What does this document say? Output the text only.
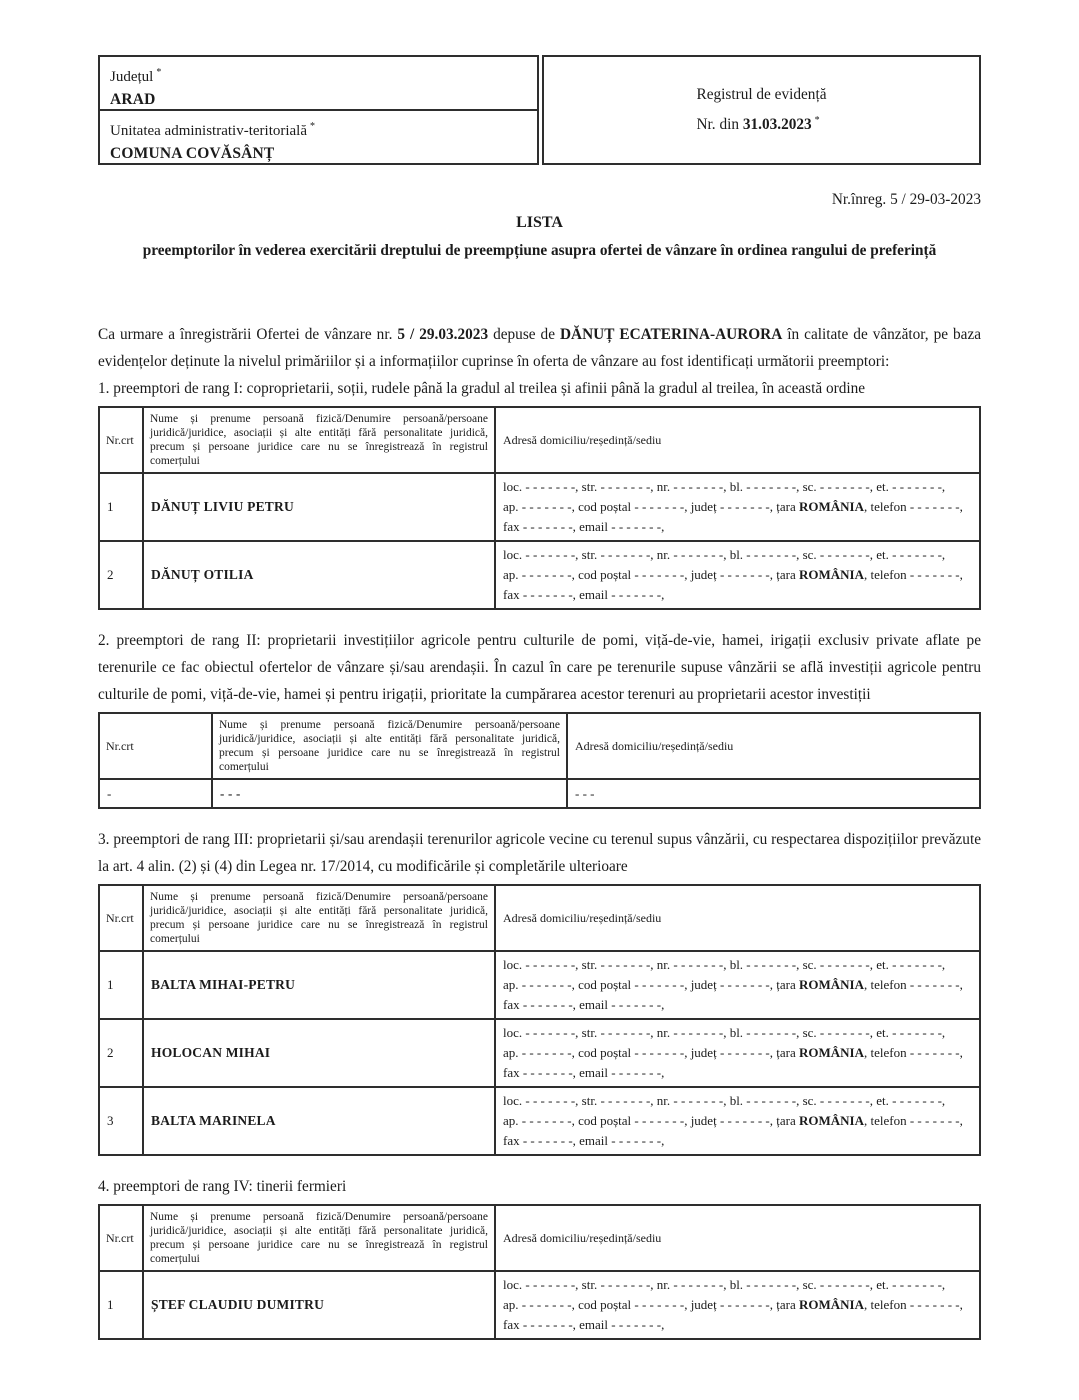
Județul *
ARAD
Unitatea administrativ-teritorială *
COMUNA COVĂSÂNȚ
Registrul de evidență
Nr. din 31.03.2023 *
Nr.înreg. 5 / 29-03-2023
LISTA
preemptorilor în vederea exercitării dreptului de preempțiune asupra ofertei de vânzare în ordinea rangului de preferință

Ca urmare a înregistrării Ofertei de vânzare nr. 5 / 29.03.2023 depuse de DĂNUȚ ECATERINA-AURORA în calitate de vânzător, pe baza evidențelor deținute la nivelul primăriilor și a informațiilor cuprinse în oferta de vânzare au fost identificați următorii preemptori:

1. preemptori de rang I: coproprietarii, soții, rudele până la gradul al treilea și afinii până la gradul al treilea, în această ordine

Nr.crt	Nume și prenume persoană fizică/Denumire persoană/persoane juridică/juridice, asociații și alte entități fără personalitate juridică, precum și persoane juridice care nu se înregistrează în registrul comerțului	Adresă domiciliu/reședință/sediu
1	DĂNUȚ LIVIU PETRU	loc. - - - - - - -, str. - - - - - - -, nr. - - - - - - -, bl. - - - - - - -, sc. - - - - - - -, et. - - - - - - -,
ap. - - - - - - -, cod poștal - - - - - - -, județ - - - - - - -, țara ROMÂNIA, telefon - - - - - - -,
fax - - - - - - -, email - - - - - - -,

2	DĂNUȚ OTILIA	loc. - - - - - - -, str. - - - - - - -, nr. - - - - - - -, bl. - - - - - - -, sc. - - - - - - -, et. - - - - - - -,
ap. - - - - - - -, cod poștal - - - - - - -, județ - - - - - - -, țara ROMÂNIA, telefon - - - - - - -,
fax - - - - - - -, email - - - - - - -,

2. preemptori de rang II: proprietarii investițiilor agricole pentru culturile de pomi, viță-de-vie, hamei, irigații exclusiv private aflate pe terenurile ce fac obiectul ofertelor de vânzare și/sau arendașii. În cazul în care pe terenurile supuse vânzării se află investiții agricole pentru culturile de pomi, viță-de-vie, hamei și pentru irigații, prioritate la cumpărarea acestor terenuri au proprietarii acestor investiții

Nr.crt	Nume și prenume persoană fizică/Denumire persoană/persoane juridică/juridice, asociații și alte entități fără personalitate juridică, precum și persoane juridice care nu se înregistrează în registrul comerțului	Adresă domiciliu/reședință/sediu
-	- - -	- - -

3. preemptori de rang III: proprietarii și/sau arendașii terenurilor agricole vecine cu terenul supus vânzării, cu respectarea dispozițiilor prevăzute la art. 4 alin. (2) și (4) din Legea nr. 17/2014, cu modificările și completările ulterioare

Nr.crt	Nume și prenume persoană fizică/Denumire persoană/persoane juridică/juridice, asociații și alte entități fără personalitate juridică, precum și persoane juridice care nu se înregistrează în registrul comerțului	Adresă domiciliu/reședință/sediu
1	BALTA MIHAI-PETRU	loc. - - - - - - -, str. - - - - - - -, nr. - - - - - - -, bl. - - - - - - -, sc. - - - - - - -, et. - - - - - - -,
ap. - - - - - - -, cod poștal - - - - - - -, județ - - - - - - -, țara ROMÂNIA, telefon - - - - - - -,
fax - - - - - - -, email - - - - - - -,

2	HOLOCAN MIHAI	loc. - - - - - - -, str. - - - - - - -, nr. - - - - - - -, bl. - - - - - - -, sc. - - - - - - -, et. - - - - - - -,
ap. - - - - - - -, cod poștal - - - - - - -, județ - - - - - - -, țara ROMÂNIA, telefon - - - - - - -,
fax - - - - - - -, email - - - - - - -,

3	BALTA MARINELA	loc. - - - - - - -, str. - - - - - - -, nr. - - - - - - -, bl. - - - - - - -, sc. - - - - - - -, et. - - - - - - -,
ap. - - - - - - -, cod poștal - - - - - - -, județ - - - - - - -, țara ROMÂNIA, telefon - - - - - - -,
fax - - - - - - -, email - - - - - - -,

4. preemptori de rang IV: tinerii fermieri

Nr.crt	Nume și prenume persoană fizică/Denumire persoană/persoane juridică/juridice, asociații și alte entități fără personalitate juridică, precum și persoane juridice care nu se înregistrează în registrul comerțului	Adresă domiciliu/reședință/sediu
1	ȘTEF CLAUDIU DUMITRU	loc. - - - - - - -, str. - - - - - - -, nr. - - - - - - -, bl. - - - - - - -, sc. - - - - - - -, et. - - - - - - -,
ap. - - - - - - -, cod poștal - - - - - - -, județ - - - - - - -, țara ROMÂNIA, telefon - - - - - - -,
fax - - - - - - -, email - - - - - - -,
